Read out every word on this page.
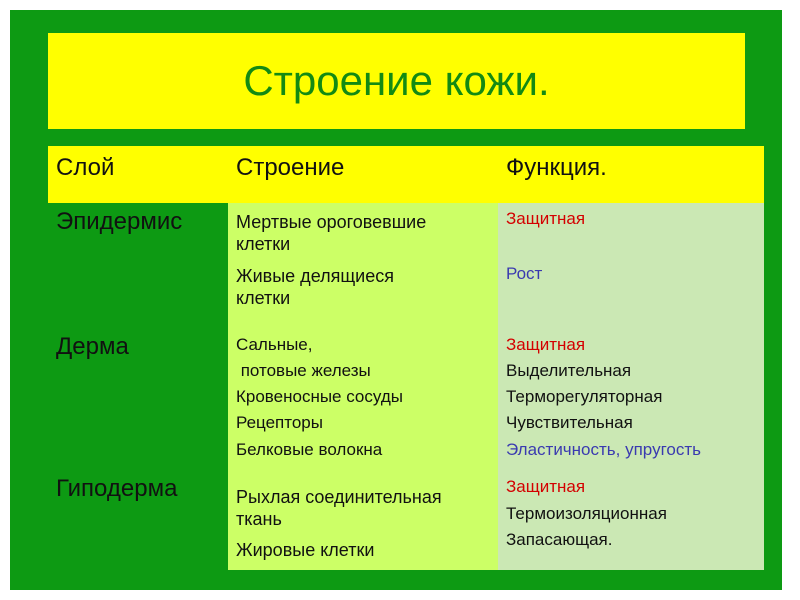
Строение кожи.
Слой	Строение	Функция.
Эпидермис
Дерма
Гиподерма
Мертвые ороговевшие
клетки
Живые делящиеся
клетки
Сальные,
потовые железы
Кровеносные сосуды
Рецепторы
Белковые волокна
Рыхлая соединительная
ткань
Жировые клетки
Защитная
Рост
Защитная
Выделительная
Терморегуляторная
Чувствительная
Эластичность, упругость
Защитная
Термоизоляционная
Запасающая.
